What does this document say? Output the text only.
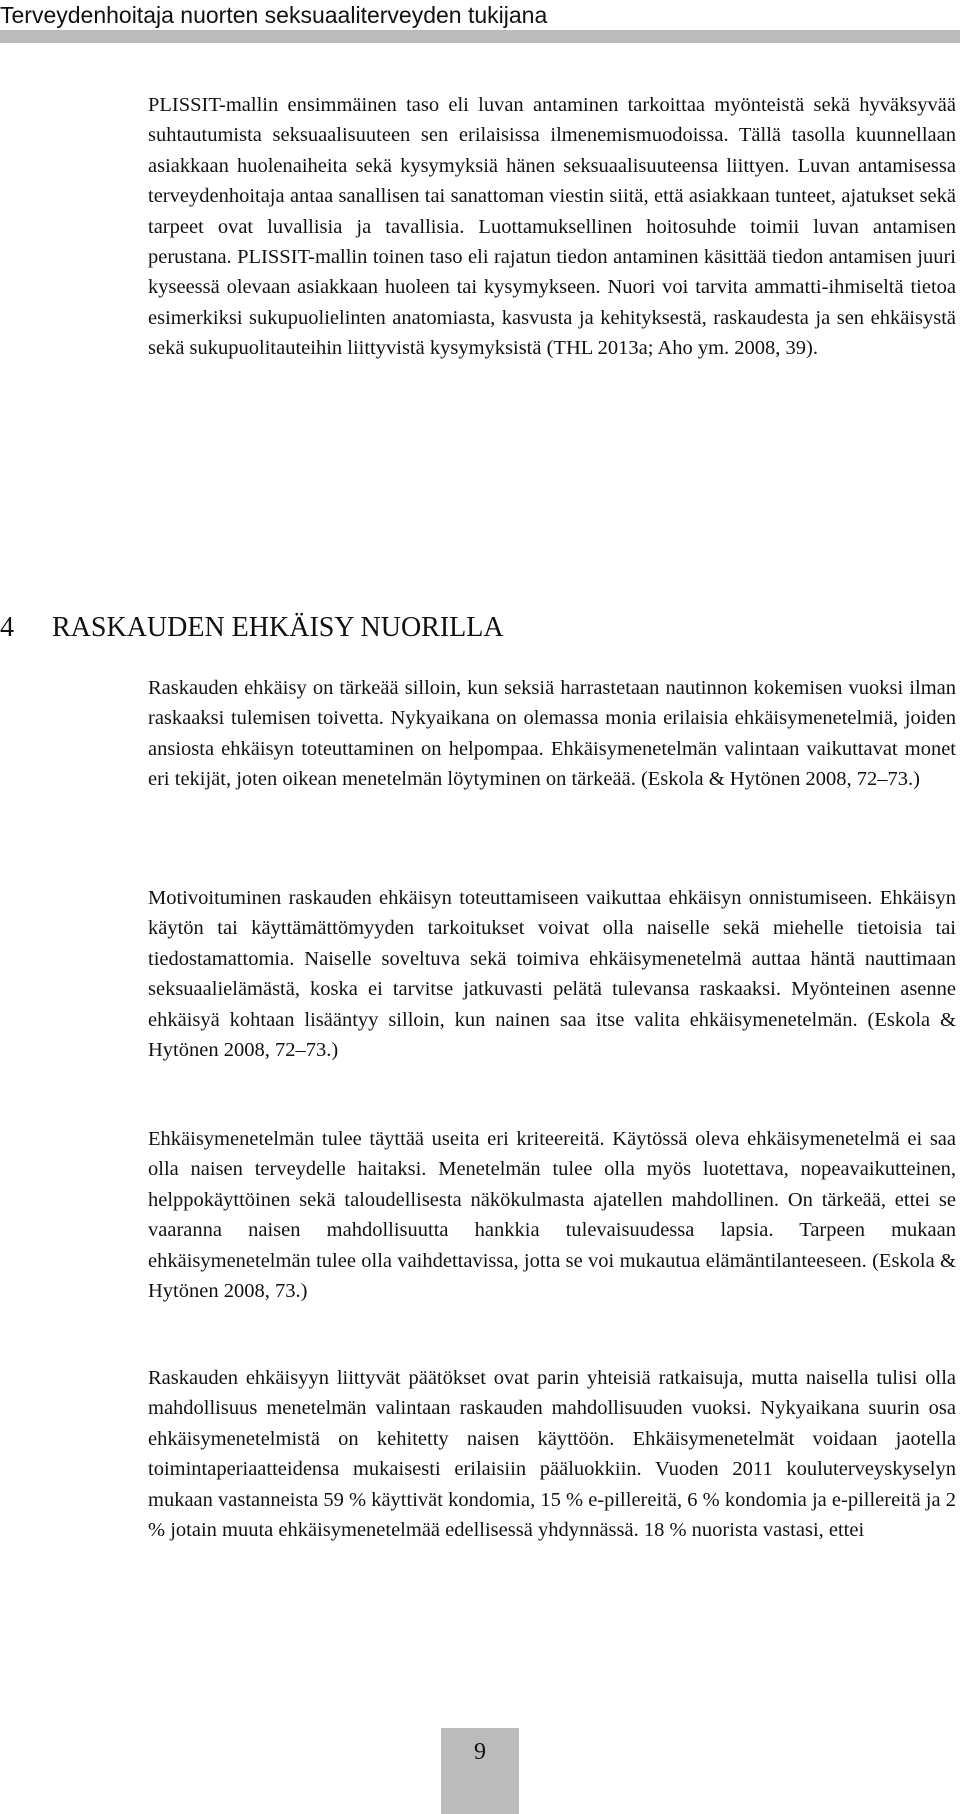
Terveydenhoitaja nuorten seksuaaliterveyden tukijana

PLISSIT-mallin ensimmäinen taso eli luvan antaminen tarkoittaa myönteistä sekä hyväksyvää suhtautumista seksuaalisuuteen sen erilaisissa ilmenemismuodoissa. Tällä tasolla kuunnellaan asiakkaan huolenaiheita sekä kysymyksiä hänen seksuaalisuuteensa liittyen. Luvan antamisessa terveydenhoitaja antaa sanallisen tai sanattoman viestin siitä, että asiakkaan tunteet, ajatukset sekä tarpeet ovat luvallisia ja tavallisia. Luottamuksellinen hoitosuhde toimii luvan antamisen perustana. PLISSIT-mallin toinen taso eli rajatun tiedon antaminen käsittää tiedon antamisen juuri kyseessä olevaan asiakkaan huoleen tai kysymykseen. Nuori voi tarvita ammatti-ihmiseltä tietoa esimerkiksi sukupuolielinten anatomiasta, kasvusta ja kehityksestä, raskaudesta ja sen ehkäisystä sekä sukupuolitauteihin liittyvistä kysymyksistä (THL 2013a; Aho ym. 2008, 39).

4 RASKAUDEN EHKÄISY NUORILLA

Raskauden ehkäisy on tärkeää silloin, kun seksiä harrastetaan nautinnon kokemisen vuoksi ilman raskaaksi tulemisen toivetta. Nykyaikana on olemassa monia erilaisia ehkäisymenetelmiä, joiden ansiosta ehkäisyn toteuttaminen on helpompaa. Ehkäisymenetelmän valintaan vaikuttavat monet eri tekijät, joten oikean menetelmän löytyminen on tärkeää. (Eskola & Hytönen 2008, 72–73.)

Motivoituminen raskauden ehkäisyn toteuttamiseen vaikuttaa ehkäisyn onnistumiseen. Ehkäisyn käytön tai käyttämättömyyden tarkoitukset voivat olla naiselle sekä miehelle tietoisia tai tiedostamattomia. Naiselle soveltuva sekä toimiva ehkäisymenetelmä auttaa häntä nauttimaan seksuaalielämästä, koska ei tarvitse jatkuvasti pelätä tulevansa raskaaksi. Myönteinen asenne ehkäisyä kohtaan lisääntyy silloin, kun nainen saa itse valita ehkäisymenetelmän. (Eskola & Hytönen 2008, 72–73.)

Ehkäisymenetelmän tulee täyttää useita eri kriteereitä. Käytössä oleva ehkäisymenetelmä ei saa olla naisen terveydelle haitaksi. Menetelmän tulee olla myös luotettava, nopeavaikutteinen, helppokäyttöinen sekä taloudellisesta näkökulmasta ajatellen mahdollinen. On tärkeää, ettei se vaaranna naisen mahdollisuutta hankkia tulevaisuudessa lapsia. Tarpeen mukaan ehkäisymenetelmän tulee olla vaihdettavissa, jotta se voi mukautua elämäntilanteeseen. (Eskola & Hytönen 2008, 73.)

Raskauden ehkäisyyn liittyvät päätökset ovat parin yhteisiä ratkaisuja, mutta naisella tulisi olla mahdollisuus menetelmän valintaan raskauden mahdollisuuden vuoksi. Nykyaikana suurin osa ehkäisymenetelmistä on kehitetty naisen käyttöön. Ehkäisymenetelmät voidaan jaotella toimintaperiaatteidensa mukaisesti erilaisiin pääluokkiin. Vuoden 2011 kouluterveyskyselyn mukaan vastanneista 59 % käyttivät kondomia, 15 % e-pillereitä, 6 % kondomia ja e-pillereitä ja 2 % jotain muuta ehkäisymenetelmää edellisessä yhdynnässä. 18 % nuorista vastasi, ettei

9
